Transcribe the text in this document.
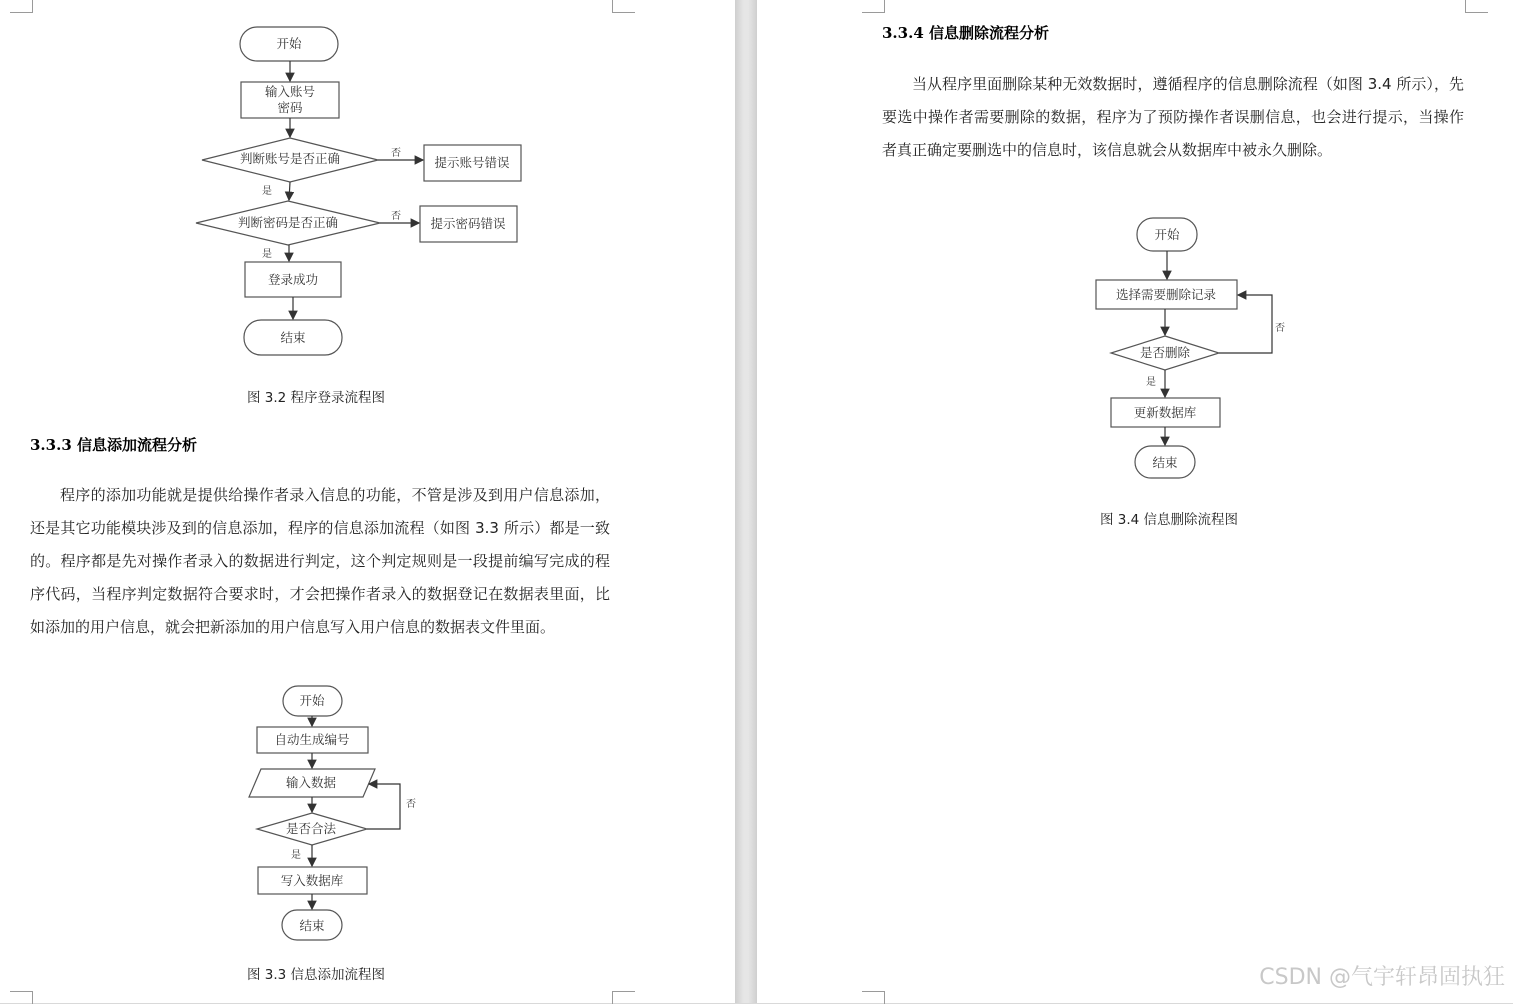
开始
输入账号
密码
判断账号是否正确	否
提示账号错误
是
判断密码是否正确	否 提示密码错误
是
登录成功
结束
图 3.2 程序登录流程图
3.3.3 信息添加流程分析

程序的添加功能就是提供给操作者录入信息的功能，不管是涉及到用户信息添加，还是其它功能模块涉及到的信息添加，程序的信息添加流程（如图 3.3 所示）都是一致的。程序都是先对操作者录入的数据进行判定，这个判定规则是一段提前编写完成的程序代码，当程序判定数据符合要求时，才会把操作者录入的数据登记在数据表里面，比如添加的用户信息，就会把新添加的用户信息写入用户信息的数据表文件里面。

开始
自动生成编号
输入数据
是否合法
否
是
写入数据库
结束
图 3.3 信息添加流程图
3.3.4 信息删除流程分析

当从程序里面删除某种无效数据时，遵循程序的信息删除流程（如图 3.4 所示），先要选中操作者需要删除的数据，程序为了预防操作者误删信息，也会进行提示，当操作者真正确定要删选中的信息时，该信息就会从数据库中被永久删除。

开始
选择需要删除记录
是否删除
否
是
更新数据库
结束
图 3.4 信息删除流程图
CSDN @气宇轩昂固执狂
